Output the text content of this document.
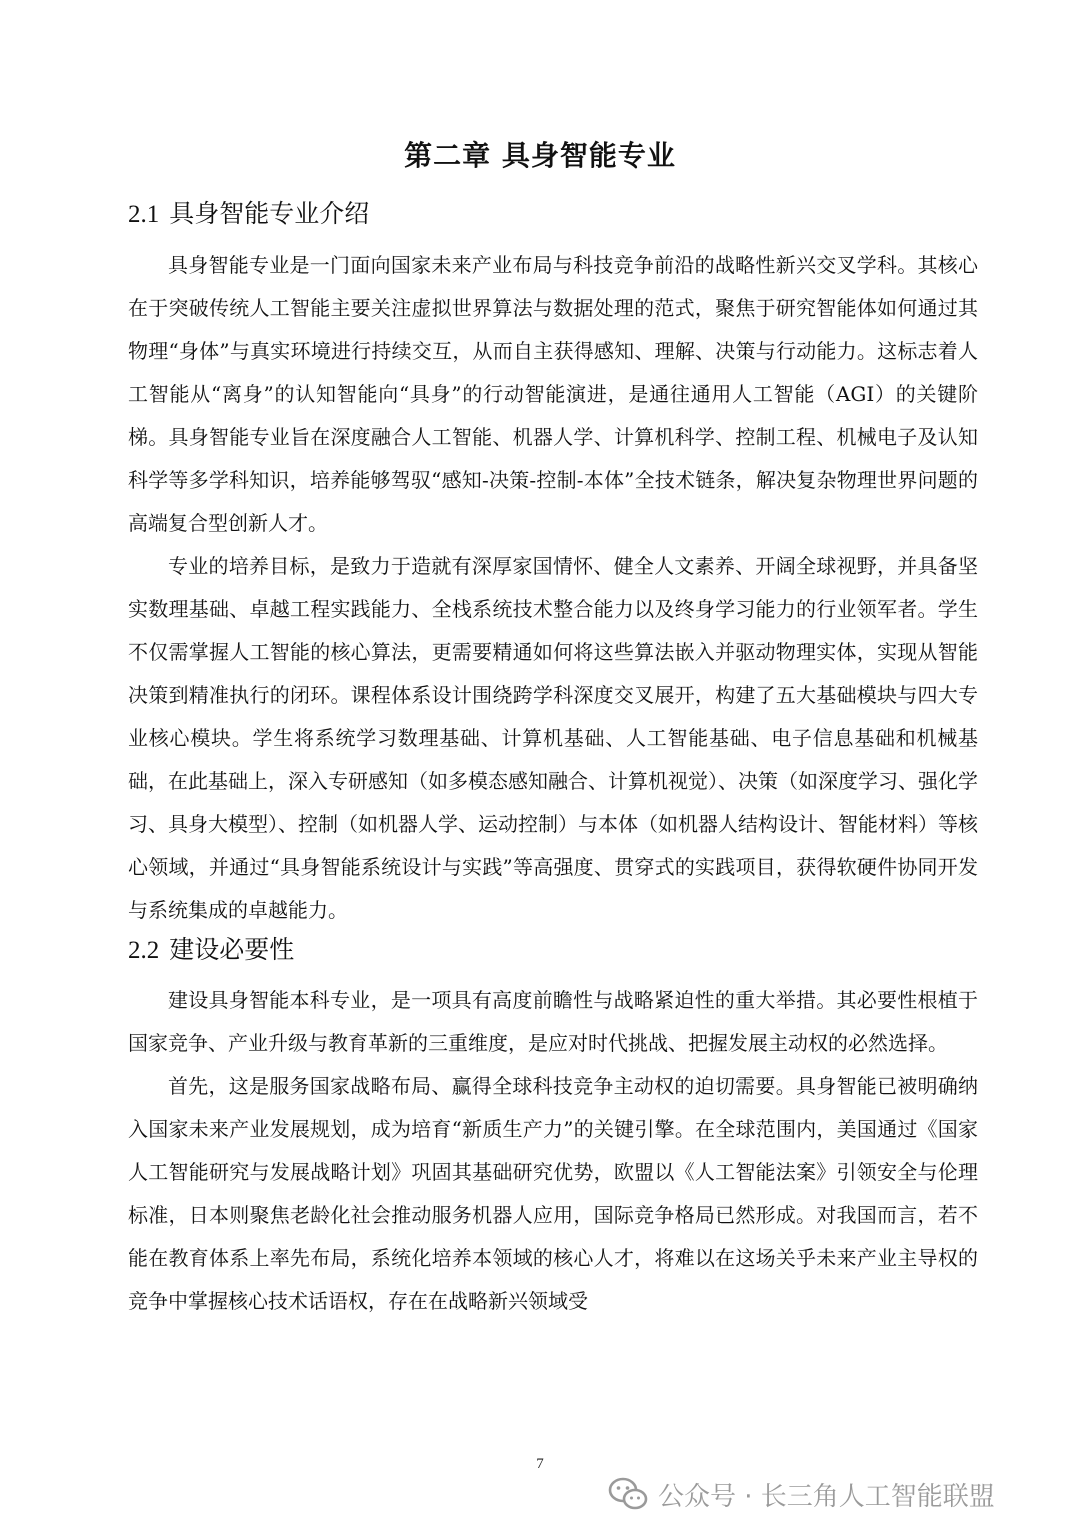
第二章 具身智能专业
2.1 具身智能专业介绍

具身智能专业是一门面向国家未来产业布局与科技竞争前沿的战略性新兴交叉学科。其核心在于突破传统人工智能主要关注虚拟世界算法与数据处理的范式，聚焦于研究智能体如何通过其物理“身体”与真实环境进行持续交互，从而自主获得感知、理解、决策与行动能力。这标志着人工智能从“离身”的认知智能向“具身”的行动智能演进，是通往通用人工智能（AGI）的关键阶梯。具身智能专业旨在深度融合人工智能、机器人学、计算机科学、控制工程、机械电子及认知科学等多学科知识，培养能够驾驭“感知-决策-控制-本体”全技术链条，解决复杂物理世界问题的高端复合型创新人才。

专业的培养目标，是致力于造就有深厚家国情怀、健全人文素养、开阔全球视野，并具备坚实数理基础、卓越工程实践能力、全栈系统技术整合能力以及终身学习能力的行业领军者。学生不仅需掌握人工智能的核心算法，更需要精通如何将这些算法嵌入并驱动物理实体，实现从智能决策到精准执行的闭环。课程体系设计围绕跨学科深度交叉展开，构建了五大基础模块与四大专业核心模块。学生将系统学习数理基础、计算机基础、人工智能基础、电子信息基础和机械基础，在此基础上，深入专研感知（如多模态感知融合、计算机视觉）、决策（如深度学习、强化学习、具身大模型）、控制（如机器人学、运动控制）与本体（如机器人结构设计、智能材料）等核心领域，并通过“具身智能系统设计与实践”等高强度、贯穿式的实践项目，获得软硬件协同开发与系统集成的卓越能力。

2.2 建设必要性

建设具身智能本科专业，是一项具有高度前瞻性与战略紧迫性的重大举措。其必要性根植于国家竞争、产业升级与教育革新的三重维度，是应对时代挑战、把握发展主动权的必然选择。

首先，这是服务国家战略布局、赢得全球科技竞争主动权的迫切需要。具身智能已被明确纳入国家未来产业发展规划，成为培育“新质生产力”的关键引擎。在全球范围内，美国通过《国家人工智能研究与发展战略计划》巩固其基础研究优势，欧盟以《人工智能法案》引领安全与伦理标准，日本则聚焦老龄化社会推动服务机器人应用，国际竞争格局已然形成。对我国而言，若不能在教育体系上率先布局，系统化培养本领域的核心人才，将难以在这场关乎未来产业主导权的竞争中掌握核心技术话语权，存在在战略新兴领域受

7
公众号 · 长三角人工智能联盟
